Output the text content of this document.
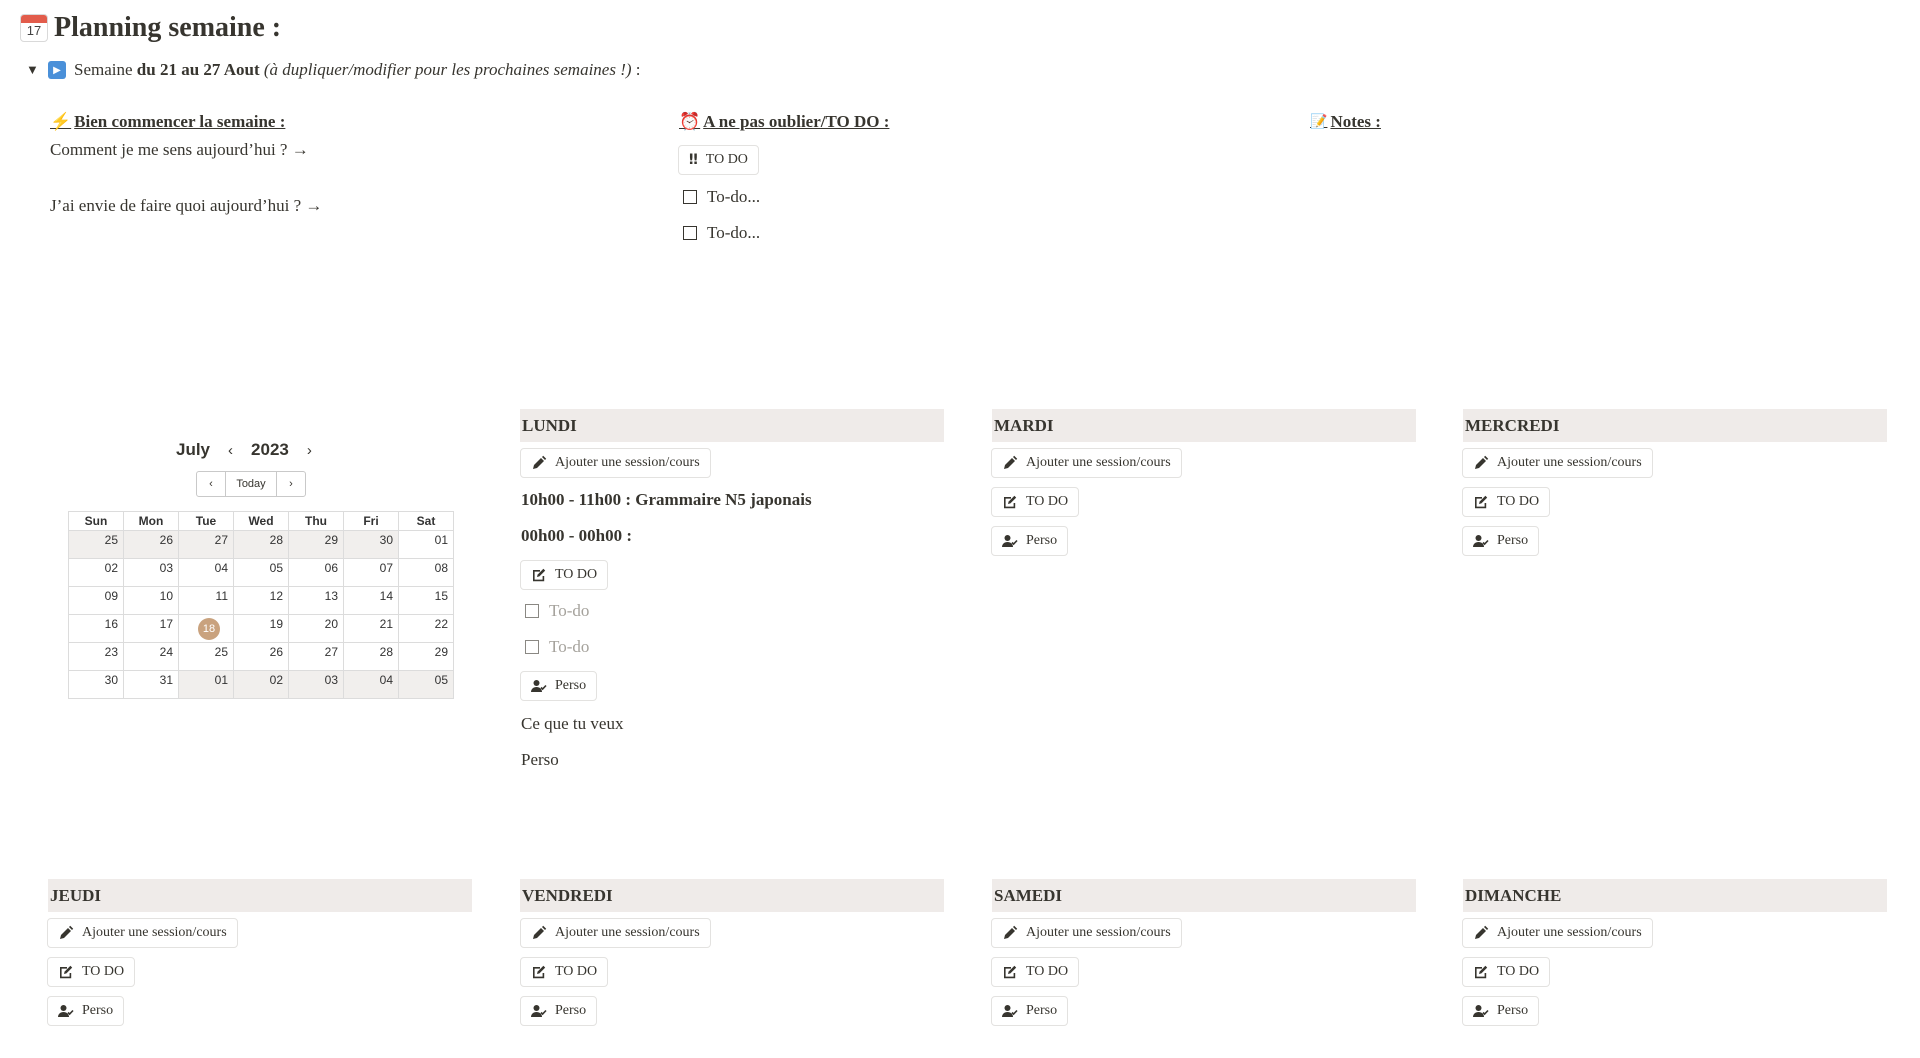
17 Planning semaine :
▼	▶ Semaine du 21 au 27 Aout (à dupliquer/modifier pour les prochaines semaines !) :
⚡ Bien commencer la semaine :
Comment je me sens aujourd’hui ? →
J’ai envie de faire quoi aujourd’hui ? →
⏰ A ne pas oublier/TO DO :
‼ TO DO
To-do...
To-do...
📝 Notes :
July ‹ 2023 ›
‹	Today	›
Sun	Mon	Tue	Wed	Thu	Fri	Sat
25	26	27	28	29	30	01
02	03	04	05	06	07	08
09	10	11	12	13	14	15
16	17	18	19	20	21	22
23	24	25	26	27	28	29
30	31	01	02	03	04	05
LUNDI
Ajouter une session/cours
10h00 - 11h00 : Grammaire N5 japonais
00h00 - 00h00 :
TO DO
To-do
To-do
Perso
Ce que tu veux
Perso
MARDI
Ajouter une session/cours
TO DO
Perso
MERCREDI
Ajouter une session/cours
TO DO
Perso
JEUDI
Ajouter une session/cours
TO DO
Perso
VENDREDI
Ajouter une session/cours
TO DO
Perso
SAMEDI
Ajouter une session/cours
TO DO
Perso
DIMANCHE
Ajouter une session/cours
TO DO
Perso
